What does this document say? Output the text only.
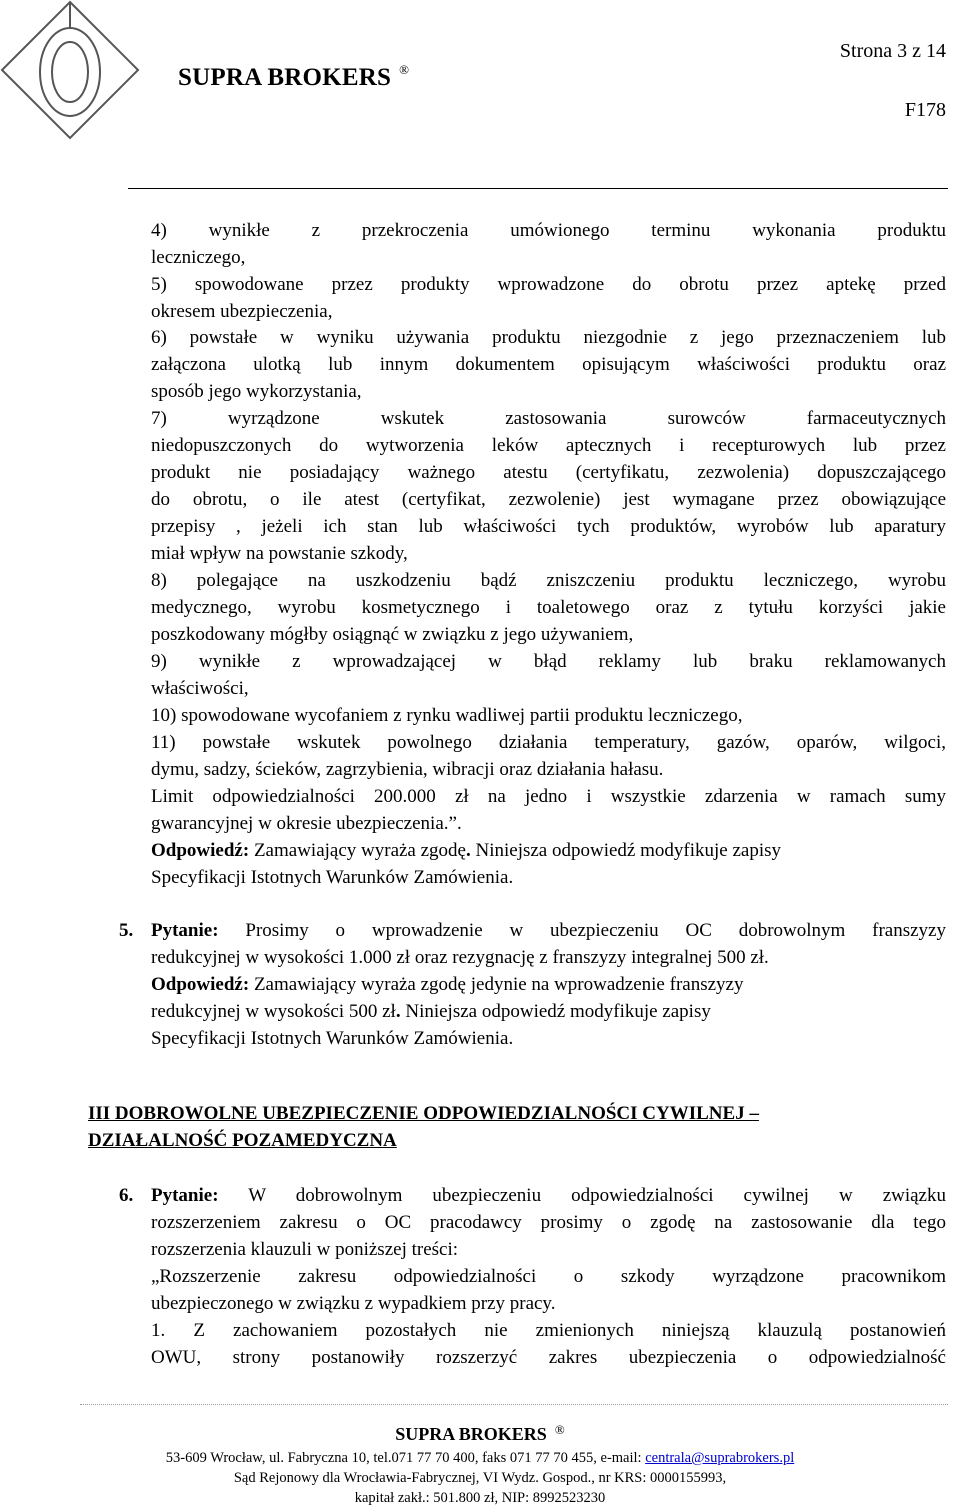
SUPRA BROKERS ®
Strona 3 z 14
F178
4) wynikłe z przekroczenia umówionego terminu wykonania produktu
leczniczego,
5) spowodowane przez produkty wprowadzone do obrotu przez aptekę przed
okresem ubezpieczenia,
6) powstałe w wyniku używania produktu niezgodnie z jego przeznaczeniem lub
załączona ulotką lub innym dokumentem opisującym właściwości produktu oraz
sposób jego wykorzystania,
7) wyrządzone wskutek zastosowania surowców farmaceutycznych
niedopuszczonych do wytworzenia leków aptecznych i recepturowych lub przez
produkt nie posiadający ważnego atestu (certyfikatu, zezwolenia) dopuszczającego
do obrotu, o ile atest (certyfikat, zezwolenie) jest wymagane przez obowiązujące
przepisy , jeżeli ich stan lub właściwości tych produktów, wyrobów lub aparatury
miał wpływ na powstanie szkody,
8) polegające na uszkodzeniu bądź zniszczeniu produktu leczniczego, wyrobu
medycznego, wyrobu kosmetycznego i toaletowego oraz z tytułu korzyści jakie
poszkodowany mógłby osiągnąć w związku z jego używaniem,
9) wynikłe z wprowadzającej w błąd reklamy lub braku reklamowanych
właściwości,
10) spowodowane wycofaniem z rynku wadliwej partii produktu leczniczego,
11) powstałe wskutek powolnego działania temperatury, gazów, oparów, wilgoci,
dymu, sadzy, ścieków, zagrzybienia, wibracji oraz działania hałasu.
Limit odpowiedzialności 200.000 zł na jedno i wszystkie zdarzenia w ramach sumy
gwarancyjnej w okresie ubezpieczenia.”.
Odpowiedź: Zamawiający wyraża zgodę. Niniejsza odpowiedź modyfikuje zapisy
Specyfikacji Istotnych Warunków Zamówienia.
5. Pytanie: Prosimy o wprowadzenie w ubezpieczeniu OC dobrowolnym franszyzy
redukcyjnej w wysokości 1.000 zł oraz rezygnację z franszyzy integralnej 500 zł.
Odpowiedź: Zamawiający wyraża zgodę jedynie na wprowadzenie franszyzy
redukcyjnej w wysokości 500 zł. Niniejsza odpowiedź modyfikuje zapisy
Specyfikacji Istotnych Warunków Zamówienia.
III DOBROWOLNE UBEZPIECZENIE ODPOWIEDZIALNOŚCI CYWILNEJ –
DZIAŁALNOŚĆ POZAMEDYCZNA
6. Pytanie: W dobrowolnym ubezpieczeniu odpowiedzialności cywilnej w związku
rozszerzeniem zakresu o OC pracodawcy prosimy o zgodę na zastosowanie dla tego
rozszerzenia klauzuli w poniższej treści:
„Rozszerzenie zakresu odpowiedzialności o szkody wyrządzone pracownikom
ubezpieczonego w związku z wypadkiem przy pracy.
1. Z zachowaniem pozostałych nie zmienionych niniejszą klauzulą postanowień
OWU, strony postanowiły rozszerzyć zakres ubezpieczenia o odpowiedzialność
SUPRA BROKERS ®
53-609 Wrocław, ul. Fabryczna 10, tel.071 77 70 400, faks 071 77 70 455, e-mail: centrala@suprabrokers.pl
Sąd Rejonowy dla Wrocławia-Fabrycznej, VI Wydz. Gospod., nr KRS: 0000155993,
kapitał zakł.: 501.800 zł, NIP: 8992523230
